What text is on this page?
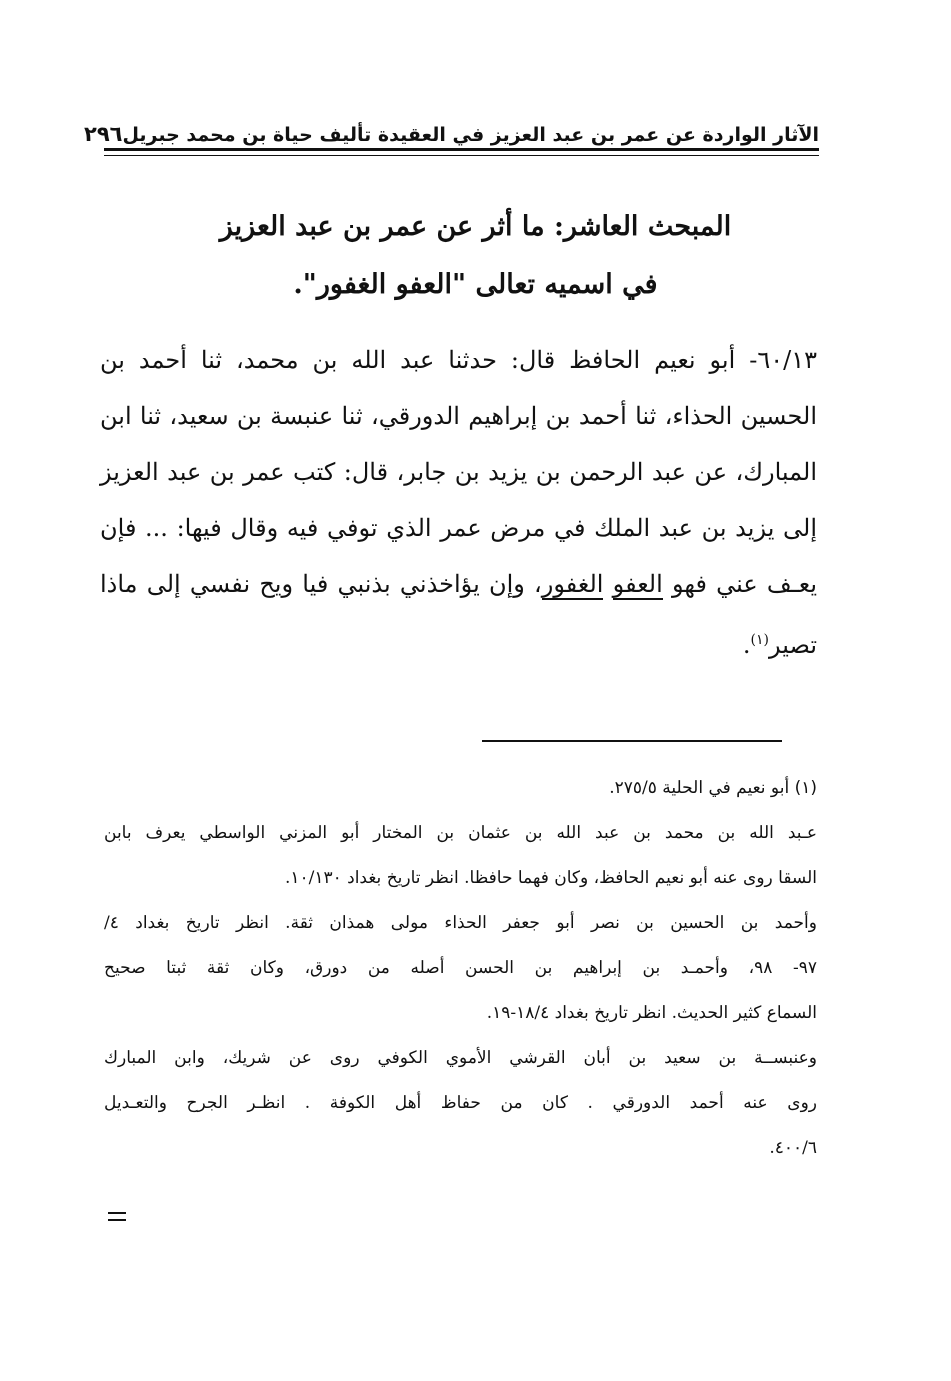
الآثار الواردة عن عمر بن عبد العزيز في العقيدة تأليف حياة بن محمد جبريل
٢٩٦
المبحث العاشر: ما أثر عن عمر بن عبد العزيز
في اسميه تعالى "العفو الغفور".
٦٠/١٣- أبو نعيم الحافظ قال: حدثنا عبد الله بن محمد، ثنا أحمد بن
الحسين الحذاء، ثنا أحمد بن إبراهيم الدورقي، ثنا عنبسة بن سعيد، ثنا ابن
المبارك، عن عبد الرحمن بن يزيد بن جابر، قال: كتب عمر بن عبد العزيز
إلى يزيد بن عبد الملك في مرض عمر الذي توفي فيه وقال فيها: ... فإن
يعـف عني فهو العفو الغفور، وإن يؤاخذني بذنبي فيا ويح نفسي إلى ماذا
تصير$^{(١)}$.
(١) أبو نعيم في الحلية ٢٧٥/٥.
عـبد الله بن محمد بن عبد الله بن عثمان بن المختار أبو المزني الواسطي يعرف بابن
السقا روى عنه أبو نعيم الحافظ، وكان فهما حافظا. انظر تاريخ بغداد ١٠/١٣٠.
وأحمد بن الحسين بن نصر أبو جعفر الحذاء مولى همذان ثقة. انظر تاريخ بغداد ٤/
٩٧- ٩٨، وأحمـد بن إبراهيم بن الحسن أصله من دورق، وكان ثقة ثبتا صحيح
السماع كثير الحديث. انظر تاريخ بغداد ١٨/٤-١٩.
وعنبســة بن سعيد بن أبان القرشي الأموي الكوفي روى عن شريك، وابن المبارك
روى عنه أحمد الدورقي . كان من حفاظ أهل الكوفة . انظـر الجرح والتعـديل
٤٠٠/٦.
